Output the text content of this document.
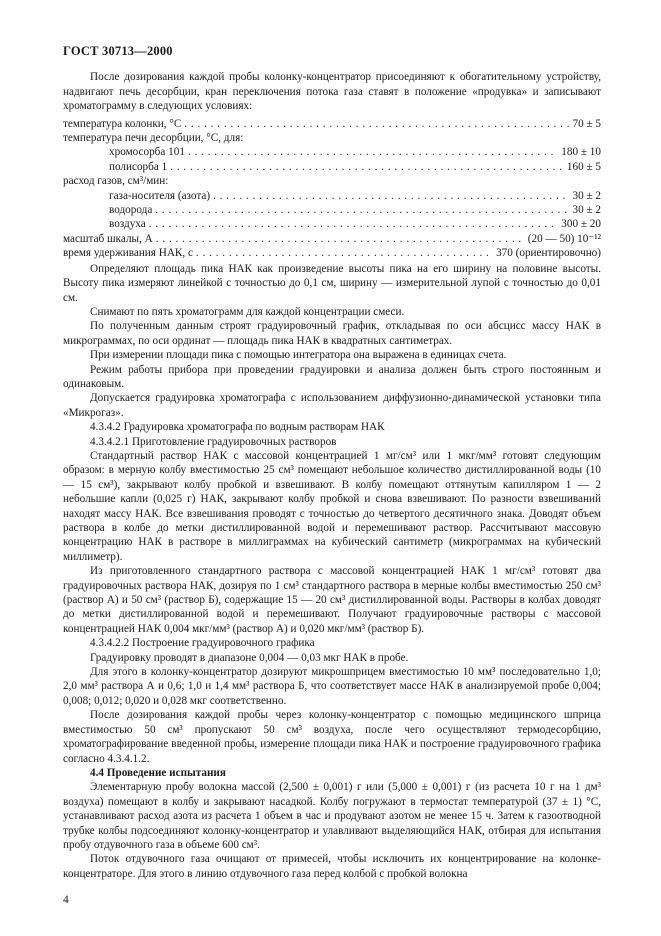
ГОСТ 30713—2000

После дозирования каждой пробы колонку-концентратор присоединяют к обогатительному устройству, надвигают печь десорбции, кран переключения потока газа ставят в положение «продувка» и записывают хроматограмму в следующих условиях:

температура колонки, °С . . .	70 ± 5
температура печи десорбции, °С, для:
хромосорба 101 . . .	180 ± 10
полисорба 1 . . .	160 ± 5
расход газов, см³/мин:
газа-носителя (азота) . . .	30 ± 2
водорода . . .	30 ± 2
воздуха . . .	300 ± 20
масштаб шкалы, А . . .	(20 — 50) 10⁻¹²
время удерживания НАК, с . . .	370 (ориентировочно)

Определяют площадь пика НАК как произведение высоты пика на его ширину на половине высоты. Высоту пика измеряют линейкой с точностью до 0,1 см, ширину — измерительной лупой с точностью до 0,01 см.

Снимают по пять хроматограмм для каждой концентрации смеси.

По полученным данным строят градуировочный график, откладывая по оси абсцисс массу НАК в микрограммах, по оси ординат — площадь пика НАК в квадратных сантиметрах.

При измерении площади пика с помощью интегратора она выражена в единицах счета.

Режим работы прибора при проведении градуировки и анализа должен быть строго постоянным и одинаковым.

Допускается градуировка хроматографа с использованием диффузионно-динамической установки типа «Микрогаз».

4.3.4.2 Градуировка хроматографа по водным растворам НАК

4.3.4.2.1 Приготовление градуировочных растворов

Стандартный раствор НАК с массовой концентрацией 1 мг/см³ или 1 мкг/мм³ готовят следующим образом: в мерную колбу вместимостью 25 см³ помещают небольшое количество дистиллированной воды (10 — 15 см³), закрывают колбу пробкой и взвешивают. В колбу помещают оттянутым капилляром 1 — 2 небольшие капли (0,025 г) НАК, закрывают колбу пробкой и снова взвешивают. По разности взвешиваний находят массу НАК. Все взвешивания проводят с точностью до четвертого десятичного знака. Доводят объем раствора в колбе до метки дистиллированной водой и перемешивают раствор. Рассчитывают массовую концентрацию НАК в растворе в миллиграммах на кубический сантиметр (микрограммах на кубический миллиметр).

Из приготовленного стандартного раствора с массовой концентрацией НАК 1 мг/см³ готовят два градуировочных раствора НАК, дозируя по 1 см³ стандартного раствора в мерные колбы вместимостью 250 см³ (раствор А) и 50 см³ (раствор Б), содержащие 15 — 20 см³ дистиллированной воды. Растворы в колбах доводят до метки дистиллированной водой и перемешивают. Получают градуировочные растворы с массовой концентрацией НАК 0,004 мкг/мм³ (раствор А) и 0,020 мкг/мм³ (раствор Б).

4.3.4.2.2 Построение градуировочного графика

Градуировку проводят в диапазоне 0,004 — 0,03 мкг НАК в пробе.

Для этого в колонку-концентратор дозируют микрошприцем вместимостью 10 мм³ последовательно 1,0; 2,0 мм³ раствора А и 0,6; 1,0 и 1,4 мм³ раствора Б, что соответствует массе НАК в анализируемой пробе 0,004; 0,008; 0,012; 0,020 и 0,028 мкг соответственно.

После дозирования каждой пробы через колонку-концентратор с помощью медицинского шприца вместимостью 50 см³ пропускают 50 см³ воздуха, после чего осуществляют термодесорбцию, хроматографирование введенной пробы, измерение площади пика НАК и построение градуировочного графика согласно 4.3.4.1.2.

4.4 Проведение испытания

Элементарную пробу волокна массой (2,500 ± 0,001) г или (5,000 ± 0,001) г (из расчета 10 г на 1 дм³ воздуха) помещают в колбу и закрывают насадкой. Колбу погружают в термостат температурой (37 ± 1) °С, устанавливают расход азота из расчета 1 объем в час и продувают азотом не менее 15 ч. Затем к газоотводной трубке колбы подсоединяют колонку-концентратор и улавливают выделяющийся НАК, отбирая для испытания пробу отдувочного газа в объеме 600 см³.

Поток отдувочного газа очищают от примесей, чтобы исключить их концентрирование на колонке-концентраторе. Для этого в линию отдувочного газа перед колбой с пробкой волокна

4
